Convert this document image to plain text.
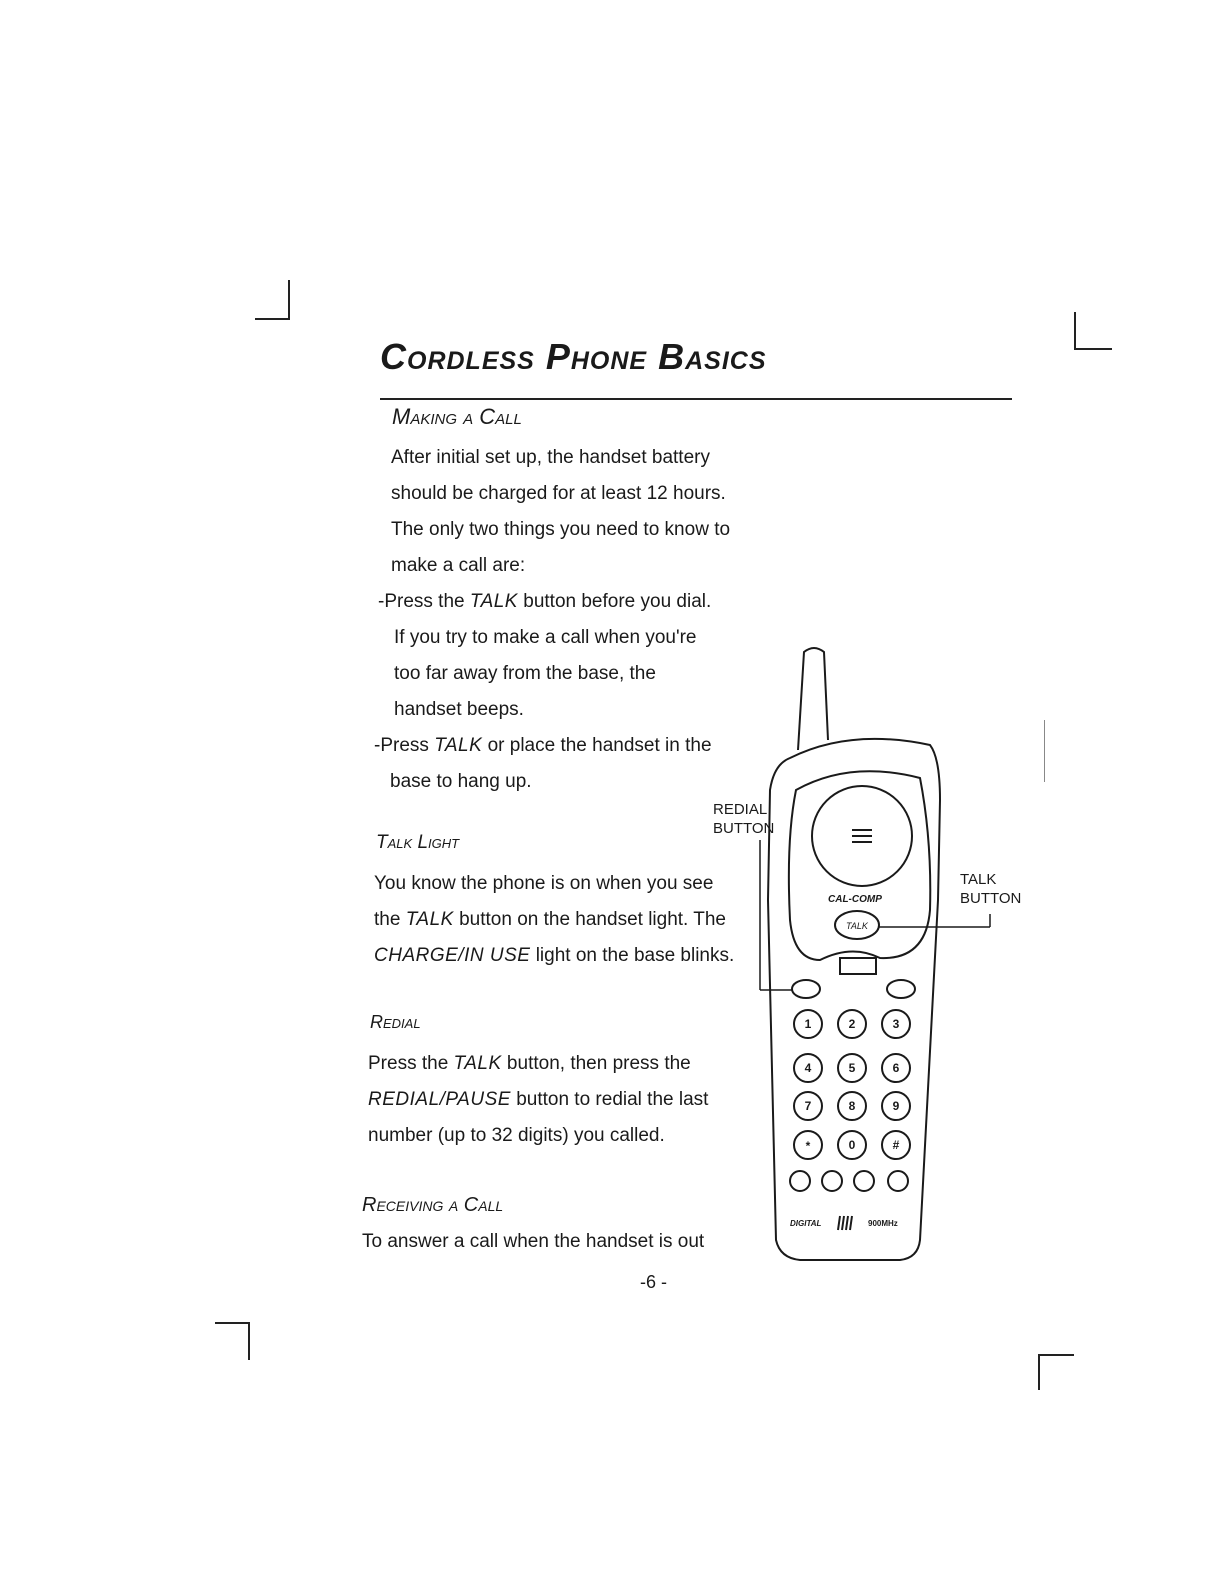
Cordless Phone Basics
Making a Call
After initial set up, the handset battery
should be charged for at least 12 hours.
The only two things you need to know to
make a call are:
-Press the TALK button before you dial.
If you try to make a call when you're
too far away from the base, the
handset beeps.
-Press TALK or place the handset in the
base to hang up.
Talk Light
You know the phone is on when you see
the TALK button on the handset light. The
CHARGE/IN USE light on the base blinks.
Redial
Press the TALK button, then press the
REDIAL/PAUSE button to redial the last
number (up to 32 digits) you called.
Receiving a Call
To answer a call when the handset is out
-6 -
REDIAL
BUTTON
TALK
BUTTON
CAL-COMP
TALK
1	2	3
4	5	6
7	8	9
*	0	#
DIGITAL	900MHz
